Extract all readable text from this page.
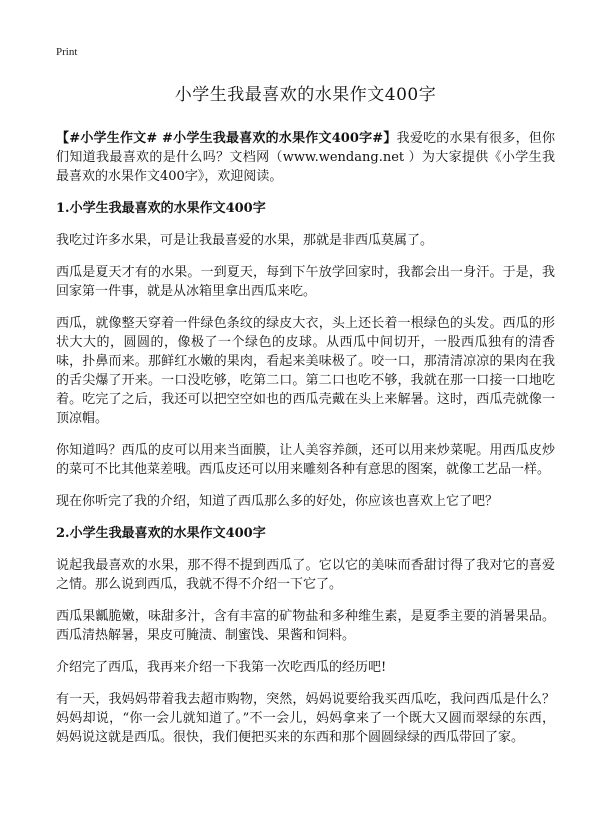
Print
小学生我最喜欢的水果作文400字

【#小学生作文# #小学生我最喜欢的水果作文400字#】我爱吃的水果有很多，但你们知道我最喜欢的是什么吗？文档网（www.wendang.net ）为大家提供《小学生我最喜欢的水果作文400字》，欢迎阅读。

1.小学生我最喜欢的水果作文400字

我吃过许多水果，可是让我最喜爱的水果，那就是非西瓜莫属了。

西瓜是夏天才有的水果。一到夏天，每到下午放学回家时，我都会出一身汗。于是，我回家第一件事，就是从冰箱里拿出西瓜来吃。

西瓜，就像整天穿着一件绿色条纹的绿皮大衣，头上还长着一根绿色的头发。西瓜的形状大大的，圆圆的，像极了一个绿色的皮球。从西瓜中间切开，一股西瓜独有的清香味，扑鼻而来。那鲜红水嫩的果肉，看起来美味极了。咬一口，那清清凉凉的果肉在我的舌尖爆了开来。一口没吃够，吃第二口。第二口也吃不够，我就在那一口接一口地吃着。吃完了之后，我还可以把空空如也的西瓜壳戴在头上来解暑。这时，西瓜壳就像一顶凉帽。

你知道吗？西瓜的皮可以用来当面膜，让人美容养颜，还可以用来炒菜呢。用西瓜皮炒的菜可不比其他菜差哦。西瓜皮还可以用来雕刻各种有意思的图案，就像工艺品一样。

现在你听完了我的介绍，知道了西瓜那么多的好处，你应该也喜欢上它了吧？

2.小学生我最喜欢的水果作文400字

说起我最喜欢的水果，那不得不提到西瓜了。它以它的美味而香甜讨得了我对它的喜爱之情。那么说到西瓜，我就不得不介绍一下它了。

西瓜果瓤脆嫩，味甜多汁，含有丰富的矿物盐和多种维生素，是夏季主要的消暑果品。西瓜清热解暑，果皮可腌渍、制蜜饯、果酱和饲料。

介绍完了西瓜，我再来介绍一下我第一次吃西瓜的经历吧!

有一天，我妈妈带着我去超市购物，突然，妈妈说要给我买西瓜吃，我问西瓜是什么？妈妈却说，“你一会儿就知道了。”不一会儿，妈妈拿来了一个既大又圆而翠绿的东西，妈妈说这就是西瓜。很快，我们便把买来的东西和那个圆圆绿绿的西瓜带回了家。
